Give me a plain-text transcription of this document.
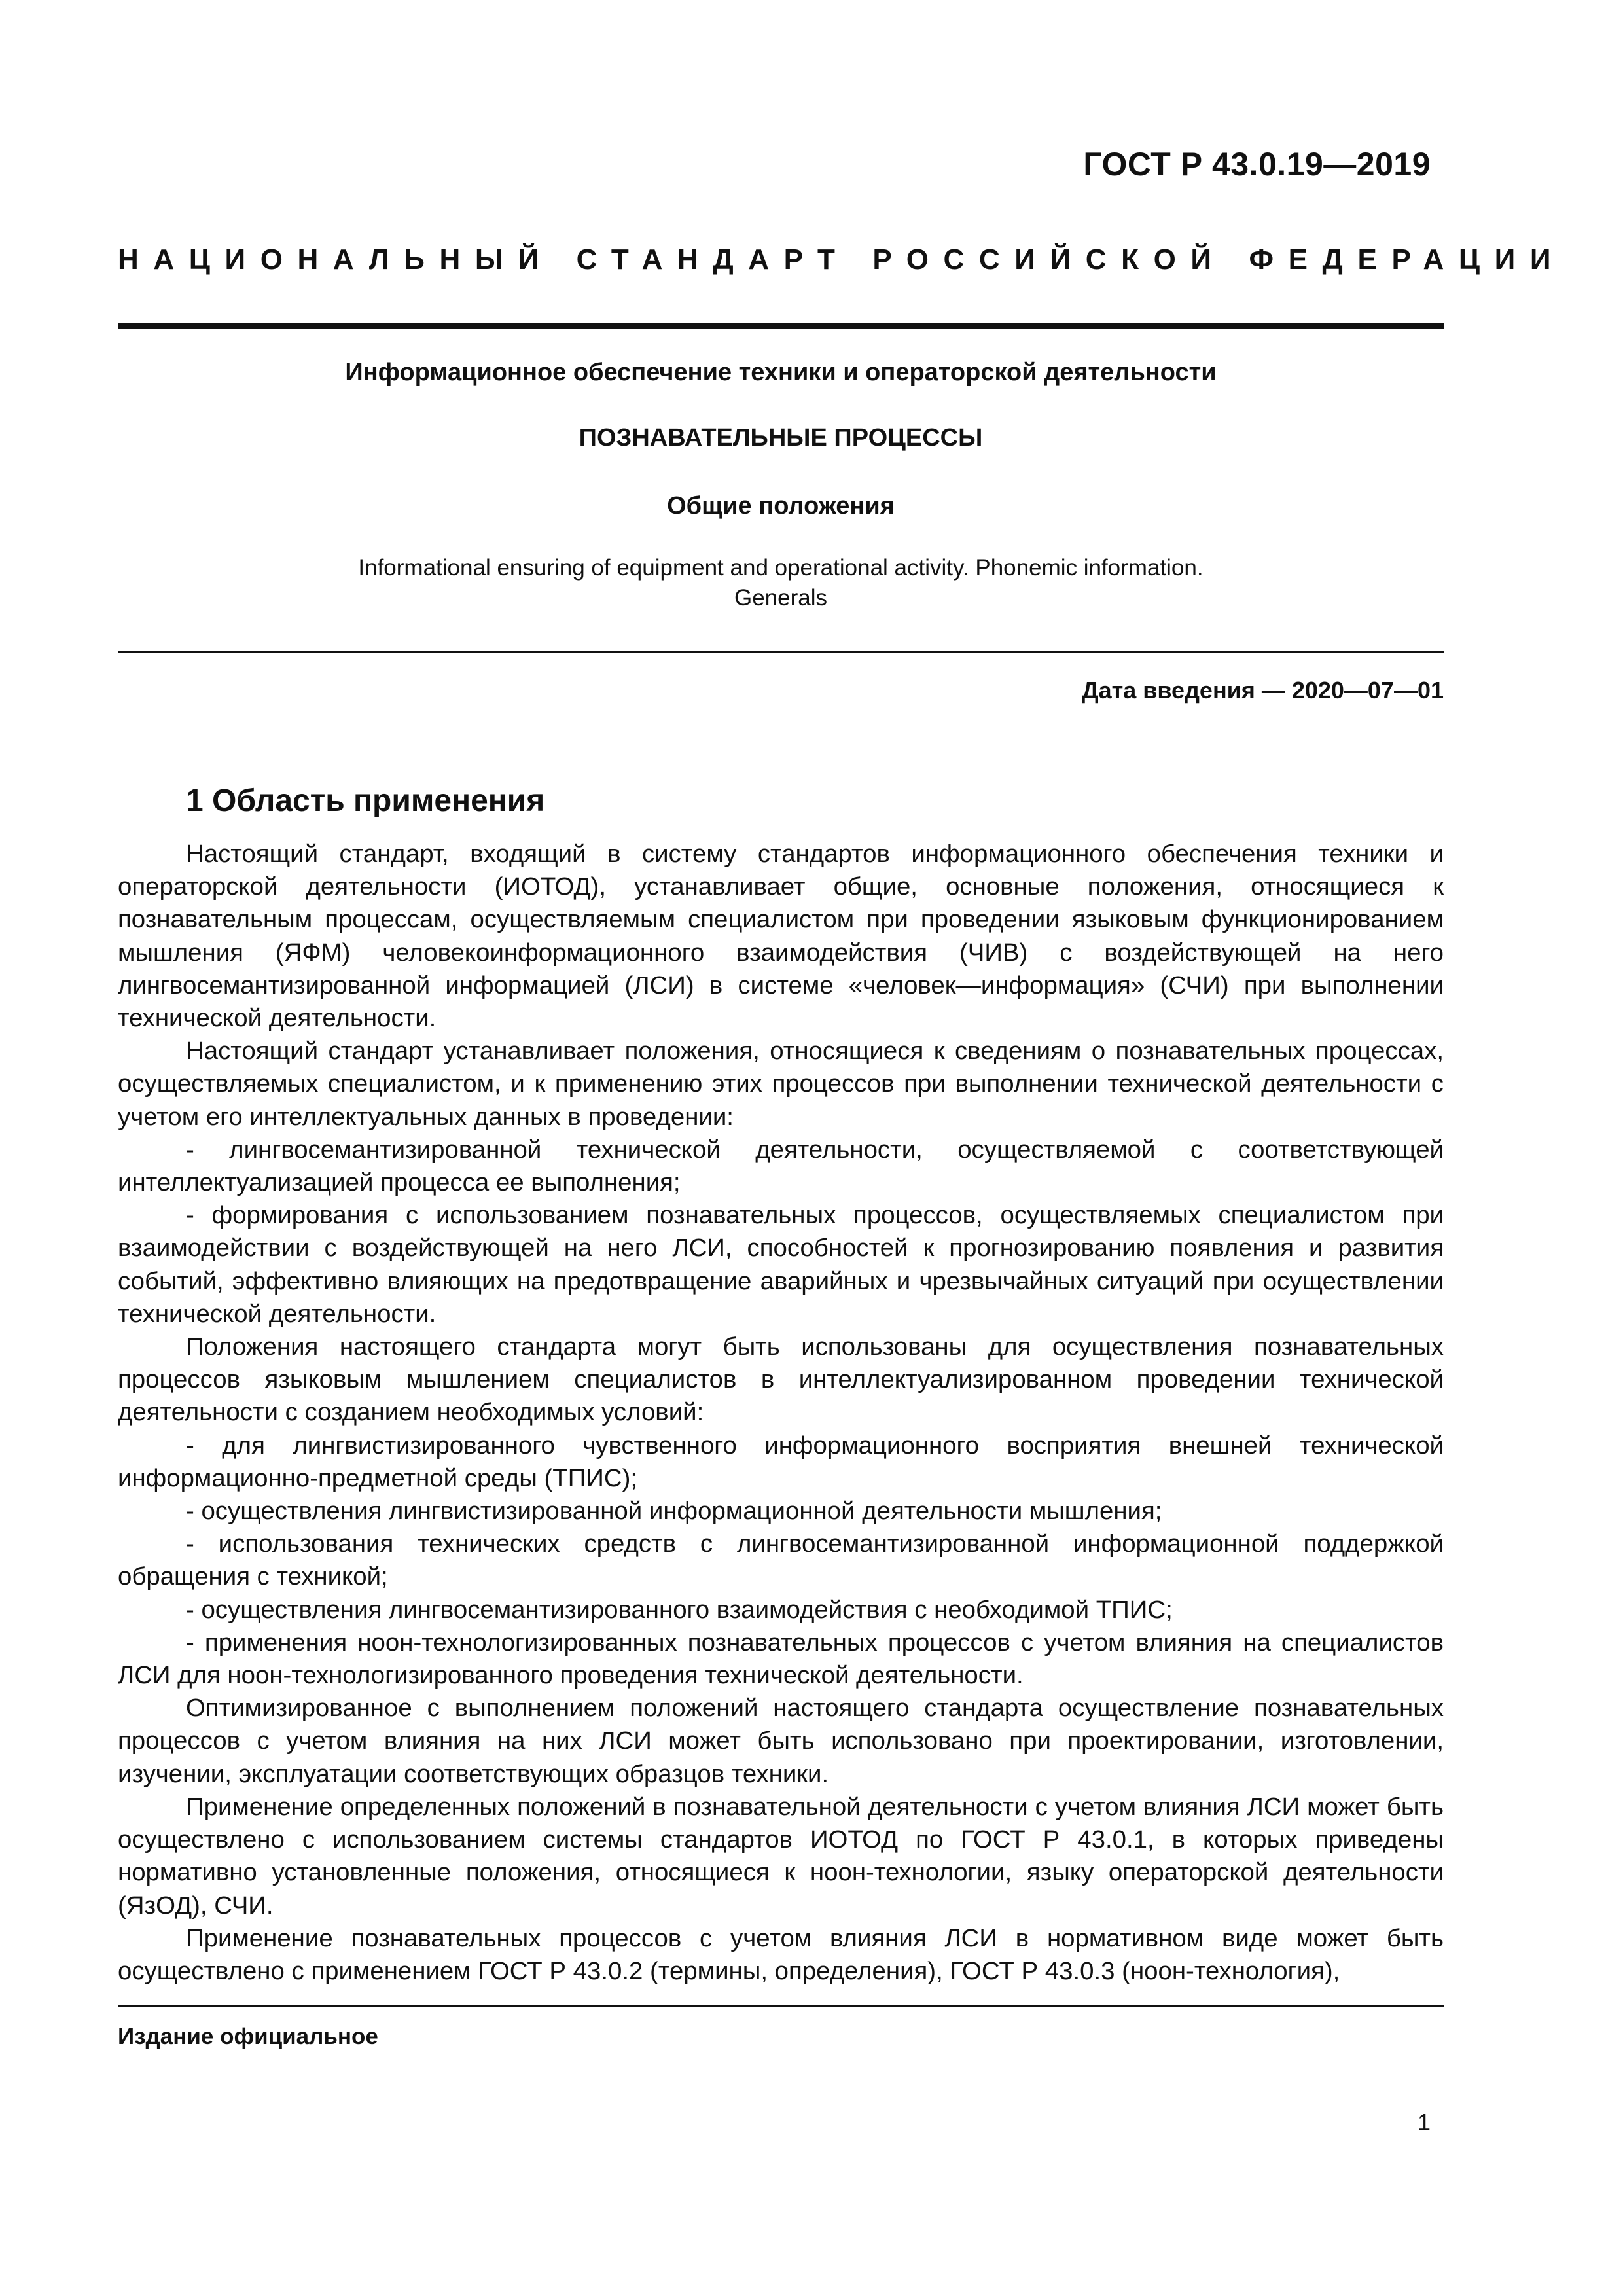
ГОСТ Р 43.0.19—2019
НАЦИОНАЛЬНЫЙ СТАНДАРТ РОССИЙСКОЙ ФЕДЕРАЦИИ
Информационное обеспечение техники и операторской деятельности
ПОЗНАВАТЕЛЬНЫЕ ПРОЦЕССЫ
Общие положения
Informational ensuring of equipment and operational activity. Phonemic information.
Generals
Дата введения — 2020—07—01
1 Область применения

Настоящий стандарт, входящий в систему стандартов информационного обеспечения техники и операторской деятельности (ИОТОД), устанавливает общие, основные положения, относящиеся к познавательным процессам, осуществляемым специалистом при проведении языковым функционированием мышления (ЯФМ) человекоинформационного взаимодействия (ЧИВ) с воздействующей на него лингвосемантизированной информацией (ЛСИ) в системе «человек—информация» (СЧИ) при выполнении технической деятельности.

Настоящий стандарт устанавливает положения, относящиеся к сведениям о познавательных процессах, осуществляемых специалистом, и к применению этих процессов при выполнении технической деятельности с учетом его интеллектуальных данных в проведении:

- лингвосемантизированной технической деятельности, осуществляемой с соответствующей интеллектуализацией процесса ее выполнения;

- формирования с использованием познавательных процессов, осуществляемых специалистом при взаимодействии с воздействующей на него ЛСИ, способностей к прогнозированию появления и развития событий, эффективно влияющих на предотвращение аварийных и чрезвычайных ситуаций при осуществлении технической деятельности.

Положения настоящего стандарта могут быть использованы для осуществления познавательных процессов языковым мышлением специалистов в интеллектуализированном проведении технической деятельности с созданием необходимых условий:

- для лингвистизированного чувственного информационного восприятия внешней технической информационно-предметной среды (ТПИС);

- осуществления лингвистизированной информационной деятельности мышления;

- использования технических средств с лингвосемантизированной информационной поддержкой обращения с техникой;

- осуществления лингвосемантизированного взаимодействия с необходимой ТПИС;

- применения ноон-технологизированных познавательных процессов с учетом влияния на специалистов ЛСИ для ноон-технологизированного проведения технической деятельности.

Оптимизированное с выполнением положений настоящего стандарта осуществление познавательных процессов с учетом влияния на них ЛСИ может быть использовано при проектировании, изготовлении, изучении, эксплуатации соответствующих образцов техники.

Применение определенных положений в познавательной деятельности с учетом влияния ЛСИ может быть осуществлено с использованием системы стандартов ИОТОД по ГОСТ Р 43.0.1, в которых приведены нормативно установленные положения, относящиеся к ноон-технологии, языку операторской деятельности (ЯзОД), СЧИ.

Применение познавательных процессов с учетом влияния ЛСИ в нормативном виде может быть осуществлено с применением ГОСТ Р 43.0.2 (термины, определения), ГОСТ Р 43.0.3 (ноон-технология),

Издание официальное
1
